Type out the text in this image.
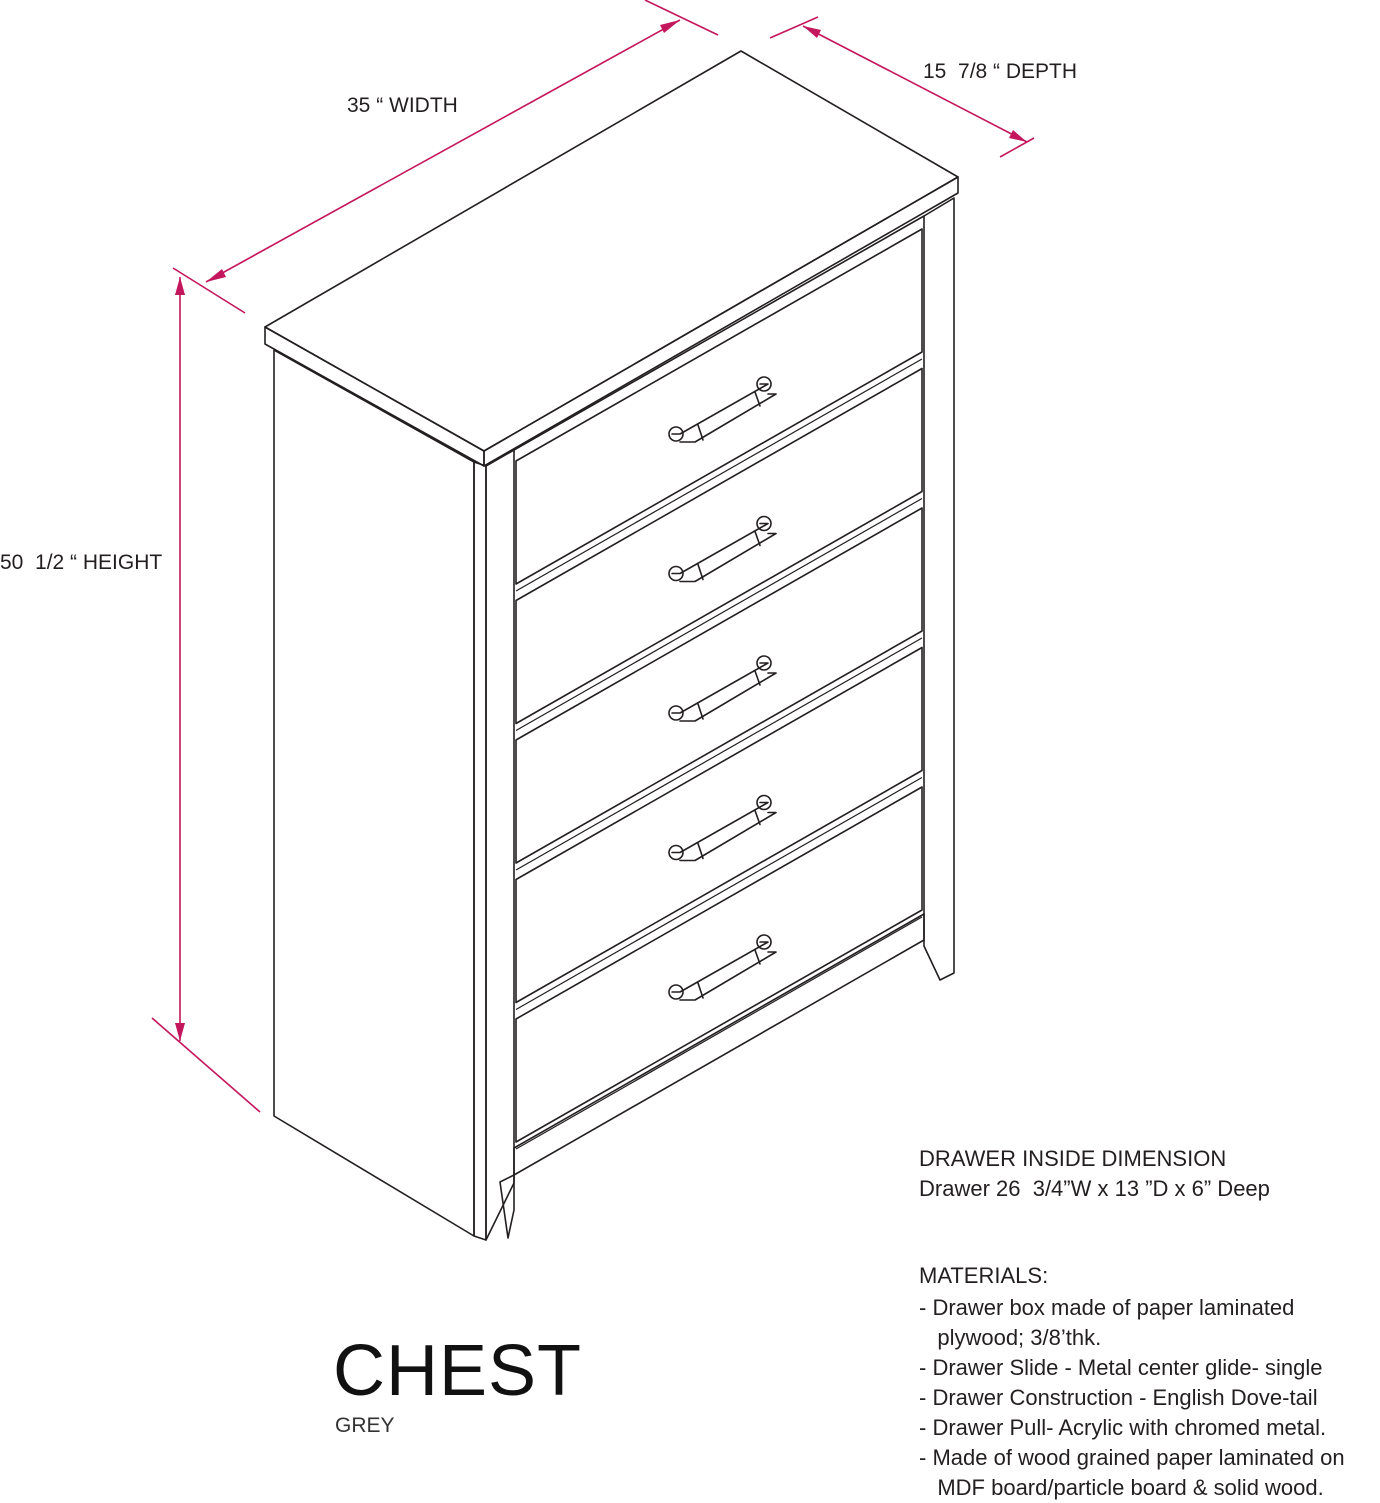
35 “ WIDTH
15  7/8 “ DEPTH
50  1/2 “ HEIGHT
CHEST
GREY
DRAWER INSIDE DIMENSION
Drawer 26  3/4”W x 13 ”D x 6” Deep
MATERIALS:
- Drawer box made of paper laminated
plywood; 3/8’thk.
- Drawer Slide - Metal center glide- single
- Drawer Construction - English Dove-tail
- Drawer Pull- Acrylic with chromed metal.
- Made of wood grained paper laminated on
MDF board/particle board & solid wood.
